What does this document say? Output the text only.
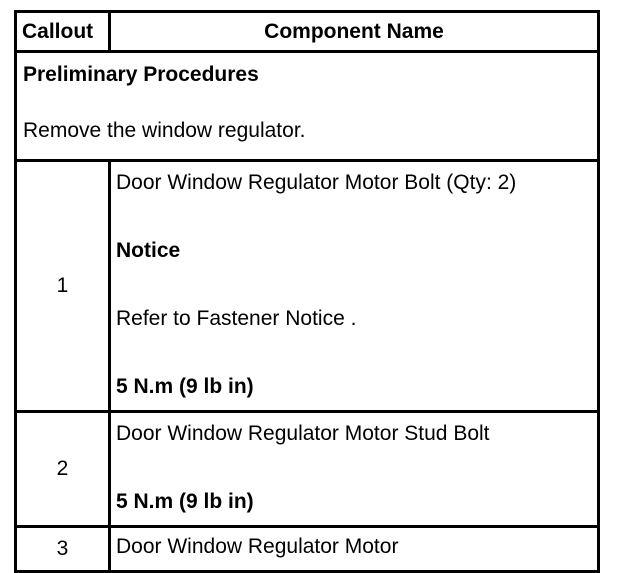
Callout	Component Name

Preliminary Procedures
Remove the window regulator.	

1	Door Window Regulator Motor Bolt (Qty: 2)
Notice
Refer to Fastener Notice .
5 N.m (9 lb in)

2	Door Window Regulator Motor Stud Bolt
5 N.m (9 lb in)

3	Door Window Regulator Motor
